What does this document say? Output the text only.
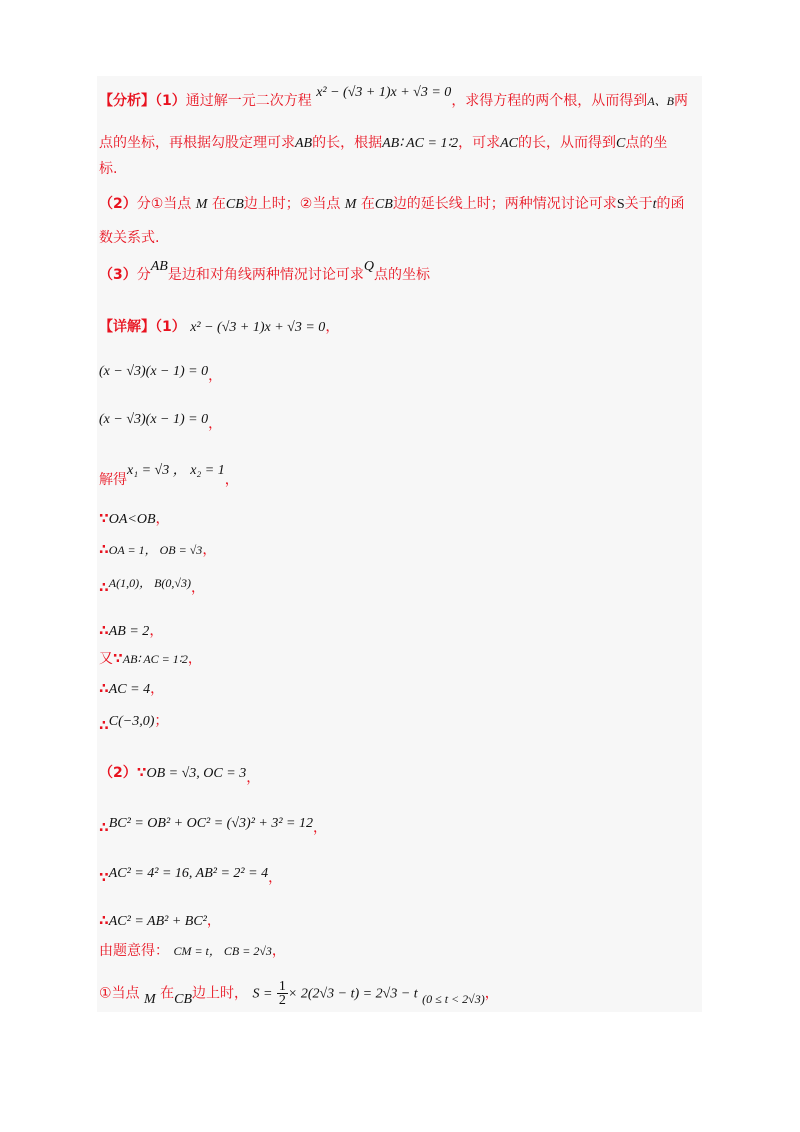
【分析】（1）通过解一元二次方程 x² − (√3 + 1)x + √3 = 0，求得方程的两个根，从而得到A、B两
点的坐标，再根据勾股定理可求AB的长，根据AB∶ AC = 1∶2，可求AC的长，从而得到C点的坐
标.
（2）分①当点 M 在CB边上时；②当点 M 在CB边的延长线上时；两种情况讨论可求S关于t的函
数关系式.
（3）分AB是边和对角线两种情况讨论可求Q点的坐标
【详解】（1） x² − (√3 + 1)x + √3 = 0，
(x − √3)(x − 1) = 0，
(x − √3)(x − 1) = 0，
解得x₁ = √3 ， x₂ = 1，
∵OA<OB，
∴OA = 1， OB = √3，
∴A(1,0)， B(0,√3)，
∴AB = 2，
又∵AB∶ AC = 1∶2，
∴AC = 4，
∴C(−3,0)；
（2）∵OB = √3, OC = 3，
∴BC² = OB² + OC² = (√3)² + 3² = 12，
∵AC² = 4² = 16, AB² = 2² = 4，
∴AC² = AB² + BC²，
由题意得： CM = t， CB = 2√3，
①当点 M 在CB边上时， $S = \frac{1}{2} \times 2(2√3 - t) = 2√3 - t$ (0 ≤ t < 2√3)，
